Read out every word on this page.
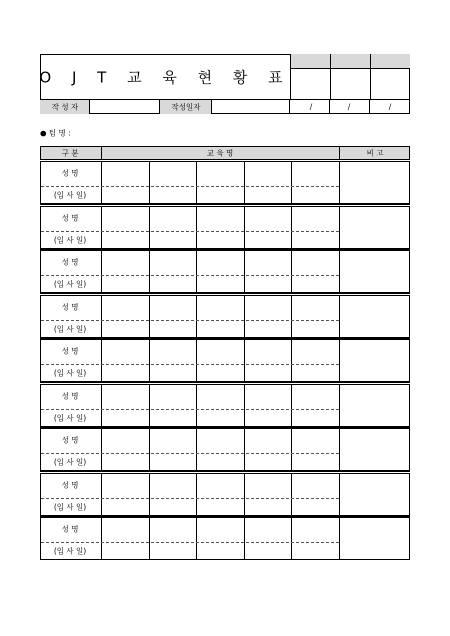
O J T 교 육 현 황 표
작 성 자	작성일자	/	/	/
● 팀 명 :
구 분	교 육 명	비 고
성 명
(입 사 일)
성 명
(입 사 일)
성 명
(입 사 일)
성 명
(입 사 일)
성 명
(입 사 일)
성 명
(입 사 일)
성 명
(입 사 일)
성 명
(입 사 일)
성 명
(입 사 일)
